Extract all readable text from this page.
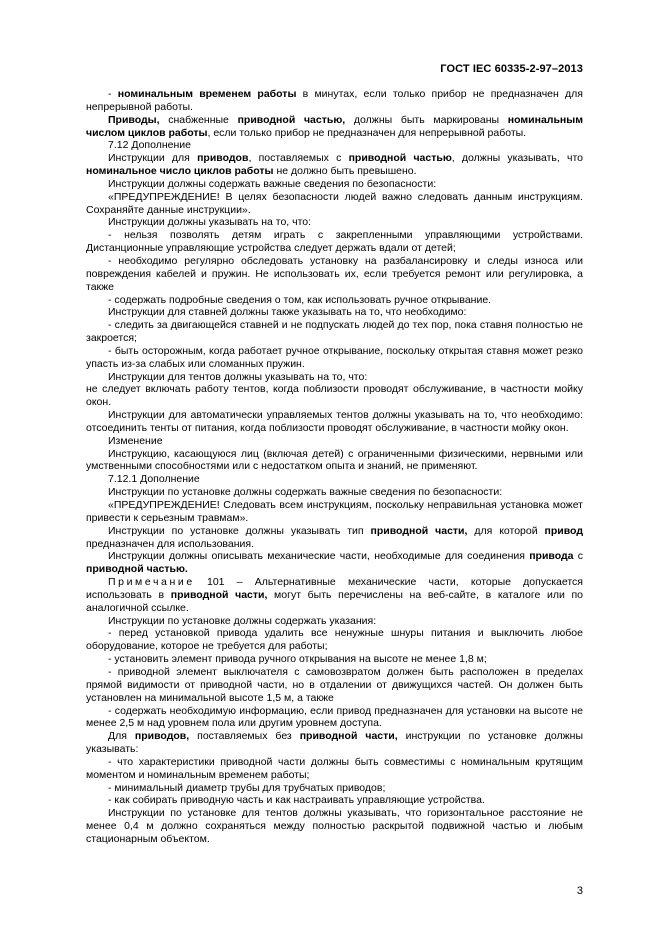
ГОСТ IEC 60335-2-97–2013

- номинальным временем работы в минутах, если только прибор не предназначен для непрерывной работы.

Приводы, снабженные приводной частью, должны быть маркированы номинальным числом циклов работы, если только прибор не предназначен для непрерывной работы.

7.12 Дополнение

Инструкции для приводов, поставляемых с приводной частью, должны указывать, что номинальное число циклов работы не должно быть превышено.

Инструкции должны содержать важные сведения по безопасности:

«ПРЕДУПРЕЖДЕНИЕ! В целях безопасности людей важно следовать данным инструкциям. Сохраняйте данные инструкции».

Инструкции должны указывать на то, что:

- нельзя позволять детям играть с закрепленными управляющими устройствами. Дистанционные управляющие устройства следует держать вдали от детей;

- необходимо регулярно обследовать установку на разбалансировку и следы износа или повреждения кабелей и пружин. Не использовать их, если требуется ремонт или регулировка, а также

- содержать подробные сведения о том, как использовать ручное открывание.

Инструкции для ставней должны также указывать на то, что необходимо:

- следить за двигающейся ставней и не подпускать людей до тех пор, пока ставня полностью не закроется;

- быть осторожным, когда работает ручное открывание, поскольку открытая ставня может резко упасть из-за слабых или сломанных пружин.

Инструкции для тентов должны указывать на то, что:

не следует включать работу тентов, когда поблизости проводят обслуживание, в частности мойку окон.

Инструкции для автоматически управляемых тентов должны указывать на то, что необходимо: отсоединить тенты от питания, когда поблизости проводят обслуживание, в частности мойку окон.

Изменение

Инструкцию, касающуюся лиц (включая детей) с ограниченными физическими, нервными или умственными способностями или с недостатком опыта и знаний, не применяют.

7.12.1 Дополнение

Инструкции по установке должны содержать важные сведения по безопасности:

«ПРЕДУПРЕЖДЕНИЕ! Следовать всем инструкциям, поскольку неправильная установка может привести к серьезным травмам».

Инструкции по установке должны указывать тип приводной части, для которой привод предназначен для использования.

Инструкции должны описывать механические части, необходимые для соединения привода с приводной частью.

Примечание 101 – Альтернативные механические части, которые допускается использовать в приводной части, могут быть перечислены на веб-сайте, в каталоге или по аналогичной ссылке.

Инструкции по установке должны содержать указания:

- перед установкой привода удалить все ненужные шнуры питания и выключить любое оборудование, которое не требуется для работы;

- установить элемент привода ручного открывания на высоте не менее 1,8 м;

- приводной элемент выключателя с самовозвратом должен быть расположен в пределах прямой видимости от приводной части, но в отдалении от движущихся частей. Он должен быть установлен на минимальной высоте 1,5 м, а также

- содержать необходимую информацию, если привод предназначен для установки на высоте не менее 2,5 м над уровнем пола или другим уровнем доступа.

Для приводов, поставляемых без приводной части, инструкции по установке должны указывать:

- что характеристики приводной части должны быть совместимы с номинальным крутящим моментом и номинальным временем работы;

- минимальный диаметр трубы для трубчатых приводов;

- как собирать приводную часть и как настраивать управляющие устройства.

Инструкции по установке для тентов должны указывать, что горизонтальное расстояние не менее 0,4 м должно сохраняться между полностью раскрытой подвижной частью и любым стационарным объектом.

3
